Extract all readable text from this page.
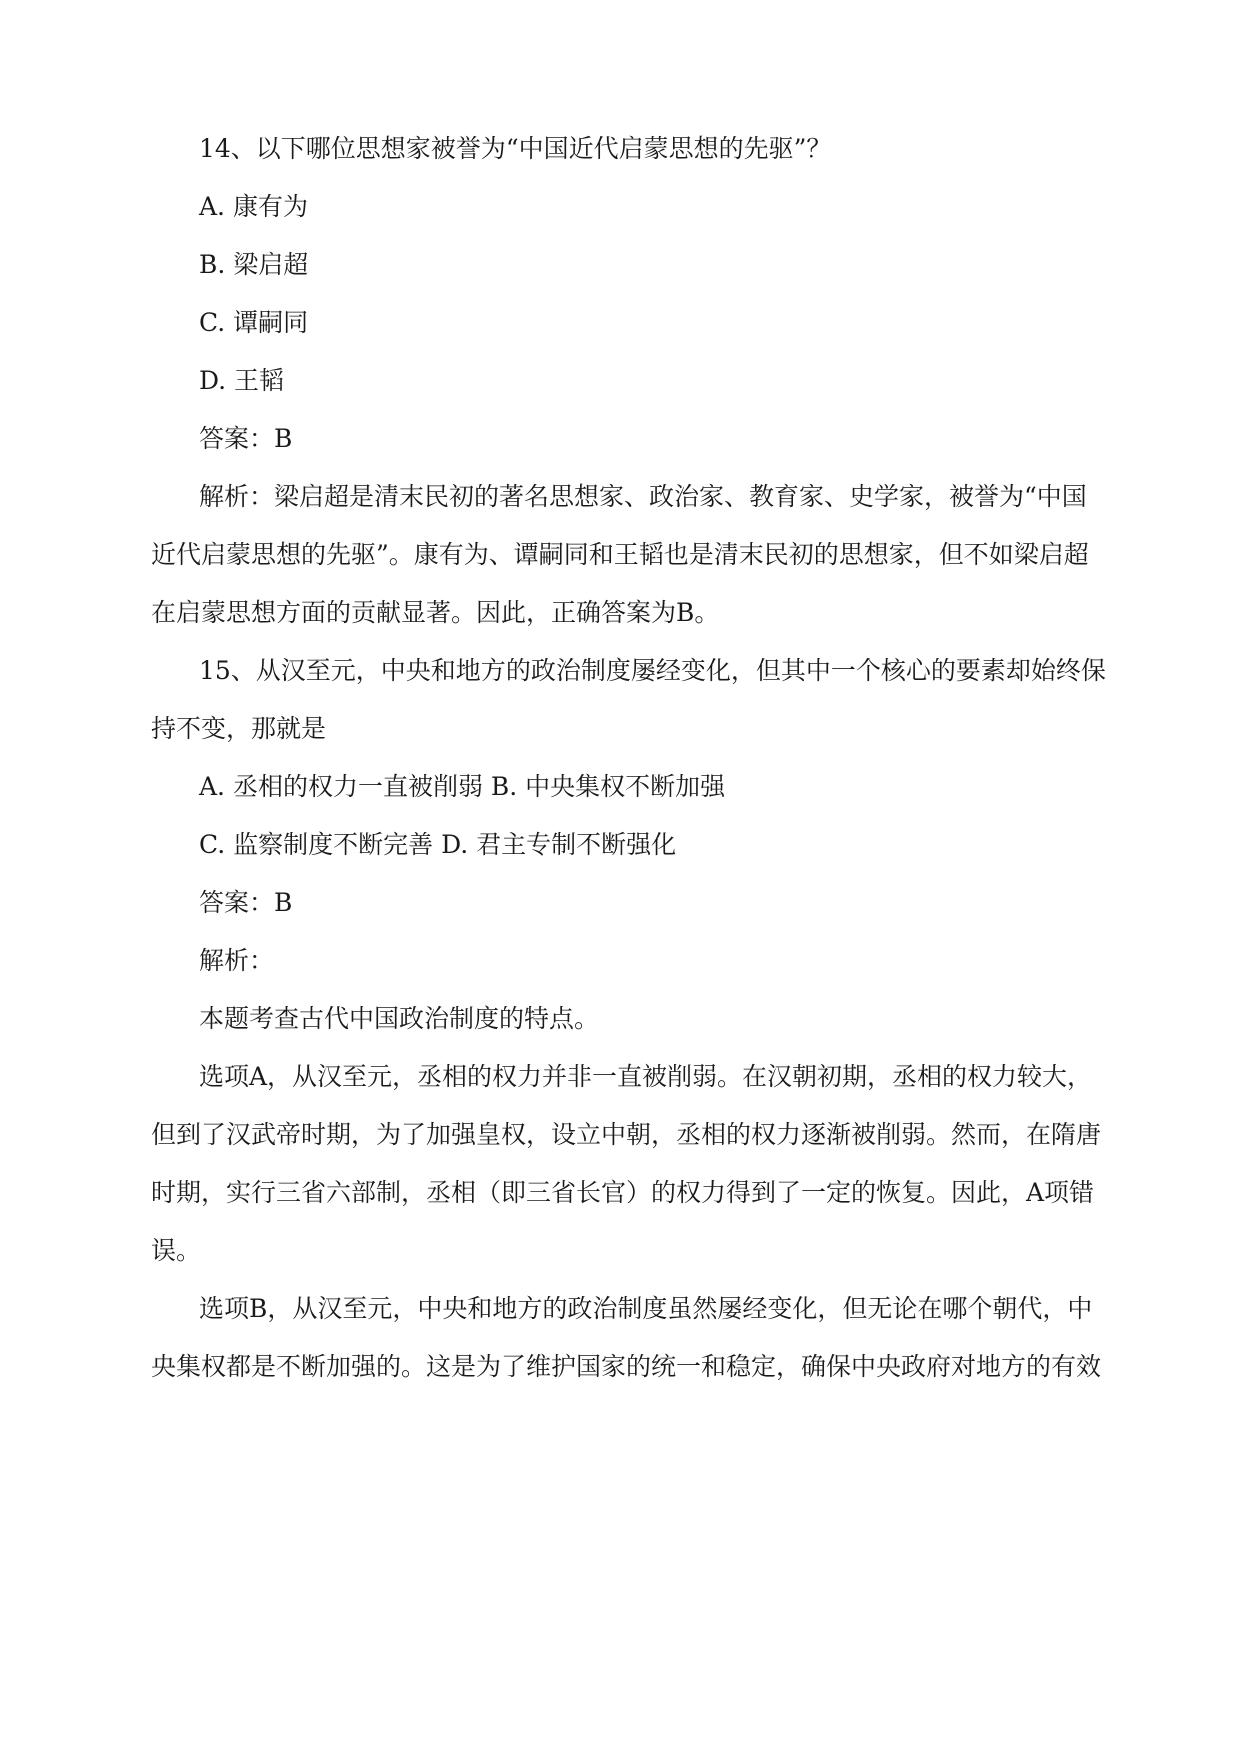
14、以下哪位思想家被誉为“中国近代启蒙思想的先驱”？
A. 康有为
B. 梁启超
C. 谭嗣同
D. 王韬
答案：B
解析：梁启超是清末民初的著名思想家、政治家、教育家、史学家，被誉为“中国
近代启蒙思想的先驱”。康有为、谭嗣同和王韬也是清末民初的思想家，但不如梁启超
在启蒙思想方面的贡献显著。因此，正确答案为B。
15、从汉至元，中央和地方的政治制度屡经变化，但其中一个核心的要素却始终保
持不变，那就是
A. 丞相的权力一直被削弱 B. 中央集权不断加强
C. 监察制度不断完善 D. 君主专制不断强化
答案：B
解析：
本题考查古代中国政治制度的特点。
选项A，从汉至元，丞相的权力并非一直被削弱。在汉朝初期，丞相的权力较大，
但到了汉武帝时期，为了加强皇权，设立中朝，丞相的权力逐渐被削弱。然而，在隋唐
时期，实行三省六部制，丞相（即三省长官）的权力得到了一定的恢复。因此，A项错
误。
选项B，从汉至元，中央和地方的政治制度虽然屡经变化，但无论在哪个朝代，中
央集权都是不断加强的。这是为了维护国家的统一和稳定，确保中央政府对地方的有效
